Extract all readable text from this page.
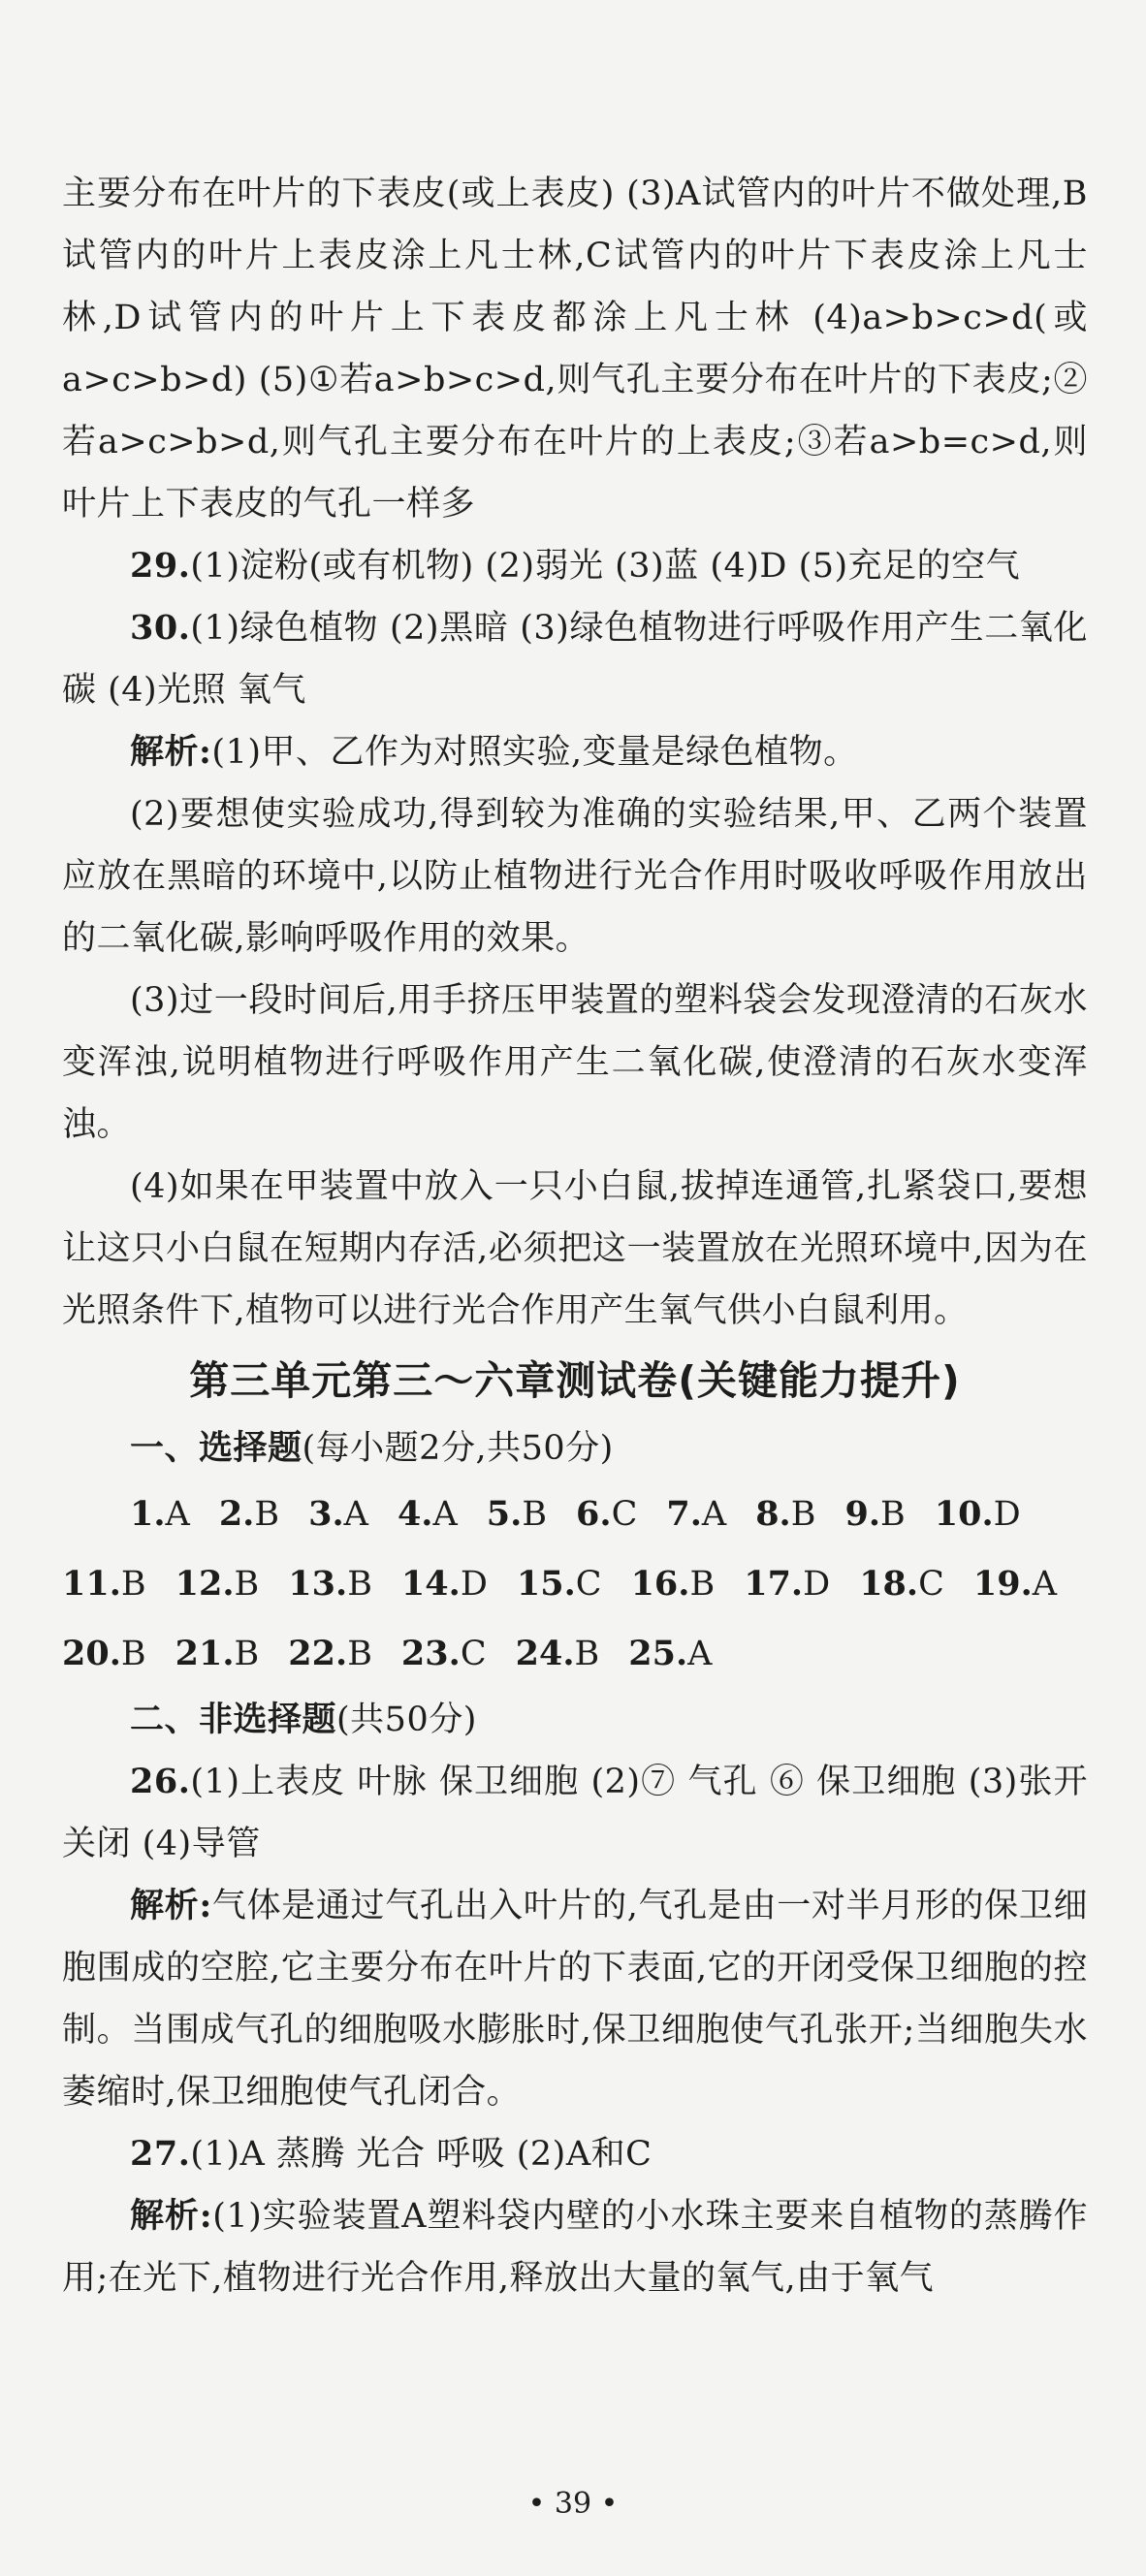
主要分布在叶片的下表皮(或上表皮) (3)A试管内的叶片不做处理,B试管内的叶片上表皮涂上凡士林,C试管内的叶片下表皮涂上凡士林,D试管内的叶片上下表皮都涂上凡士林 (4)a>b>c>d(或a>c>b>d) (5)①若a>b>c>d,则气孔主要分布在叶片的下表皮;②若a>c>b>d,则气孔主要分布在叶片的上表皮;③若a>b=c>d,则叶片上下表皮的气孔一样多

29.(1)淀粉(或有机物) (2)弱光 (3)蓝 (4)D (5)充足的空气

30.(1)绿色植物 (2)黑暗 (3)绿色植物进行呼吸作用产生二氧化碳 (4)光照 氧气

解析:(1)甲、乙作为对照实验,变量是绿色植物。

(2)要想使实验成功,得到较为准确的实验结果,甲、乙两个装置应放在黑暗的环境中,以防止植物进行光合作用时吸收呼吸作用放出的二氧化碳,影响呼吸作用的效果。

(3)过一段时间后,用手挤压甲装置的塑料袋会发现澄清的石灰水变浑浊,说明植物进行呼吸作用产生二氧化碳,使澄清的石灰水变浑浊。

(4)如果在甲装置中放入一只小白鼠,拔掉连通管,扎紧袋口,要想让这只小白鼠在短期内存活,必须把这一装置放在光照环境中,因为在光照条件下,植物可以进行光合作用产生氧气供小白鼠利用。

第三单元第三～六章测试卷(关键能力提升)

一、选择题(每小题2分,共50分)

1.A 2.B 3.A 4.A 5.B 6.C 7.A 8.B 9.B 10.D
11.B 12.B 13.B 14.D 15.C 16.B 17.D 18.C 19.A
20.B 21.B 22.B 23.C 24.B 25.A

二、非选择题(共50分)

26.(1)上表皮 叶脉 保卫细胞 (2)⑦ 气孔 ⑥ 保卫细胞 (3)张开 关闭 (4)导管

解析:气体是通过气孔出入叶片的,气孔是由一对半月形的保卫细胞围成的空腔,它主要分布在叶片的下表面,它的开闭受保卫细胞的控制。当围成气孔的细胞吸水膨胀时,保卫细胞使气孔张开;当细胞失水萎缩时,保卫细胞使气孔闭合。

27.(1)A 蒸腾 光合 呼吸 (2)A和C

解析:(1)实验装置A塑料袋内壁的小水珠主要来自植物的蒸腾作用;在光下,植物进行光合作用,释放出大量的氧气,由于氧气

• 39 •
